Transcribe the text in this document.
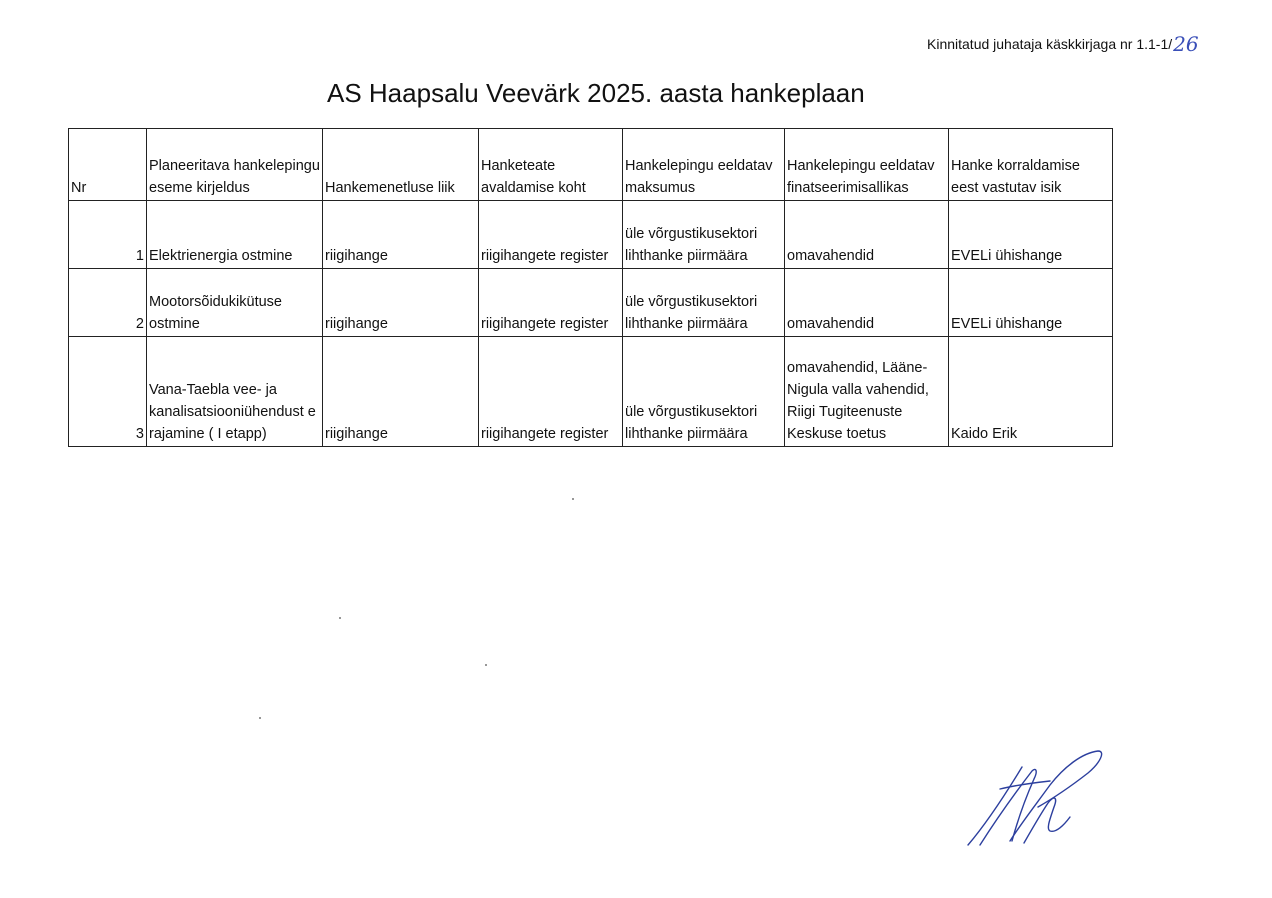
Kinnitatud juhataja käskkirjaga nr 1.1-1/26
AS Haapsalu Veevärk 2025. aasta hankeplaan
Nr	Planeeritava hankelepingu eseme kirjeldus	Hankemenetluse liik	Hanketeate avaldamise koht	Hankelepingu eeldatav maksumus	Hankelepingu eeldatav finatseerimisallikas	Hanke korraldamise eest vastutav isik
1	Elektrienergia ostmine	riigihange	riigihangete register	üle võrgustikusektori lihthanke piirmäära	omavahendid	EVELi ühishange
2	Mootorsõidukikütuse ostmine	riigihange	riigihangete register	üle võrgustikusektori lihthanke piirmäära	omavahendid	EVELi ühishange
3	Vana-Taebla vee- ja kanalisatsiooniühendust e rajamine ( I etapp)	riigihange	riigihangete register	üle võrgustikusektori lihthanke piirmäära	omavahendid, Lääne-Nigula valla vahendid, Riigi Tugiteenuste Keskuse toetus	Kaido Erik
